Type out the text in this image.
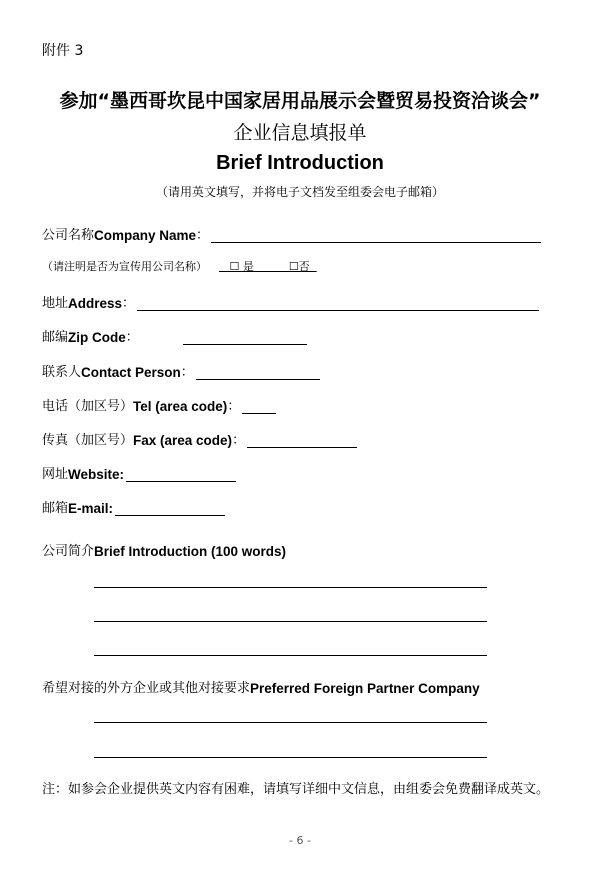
附件 3
参加“墨西哥坎昆中国家居用品展示会暨贸易投资洽谈会”
企业信息填报单
Brief Introduction
（请用英文填写，并将电子文档发至组委会电子邮箱）
公司名称 Company Name ：
（请注明是否为宣传用公司名称） ☐ 是          ☐否
地址 Address ：
邮编 Zip Code ：
联系人 Contact Person ：
电话（加区号） Tel (area code) ：
传真（加区号） Fax (area code) ：
网址 Website:
邮箱 E-mail:
公司简介 Brief Introduction (100 words)
希望对接的外方企业或其他对接要求 Preferred Foreign Partner Company
注：如参会企业提供英文内容有困难，请填写详细中文信息，由组委会免费翻译成英文。
- 6 -
